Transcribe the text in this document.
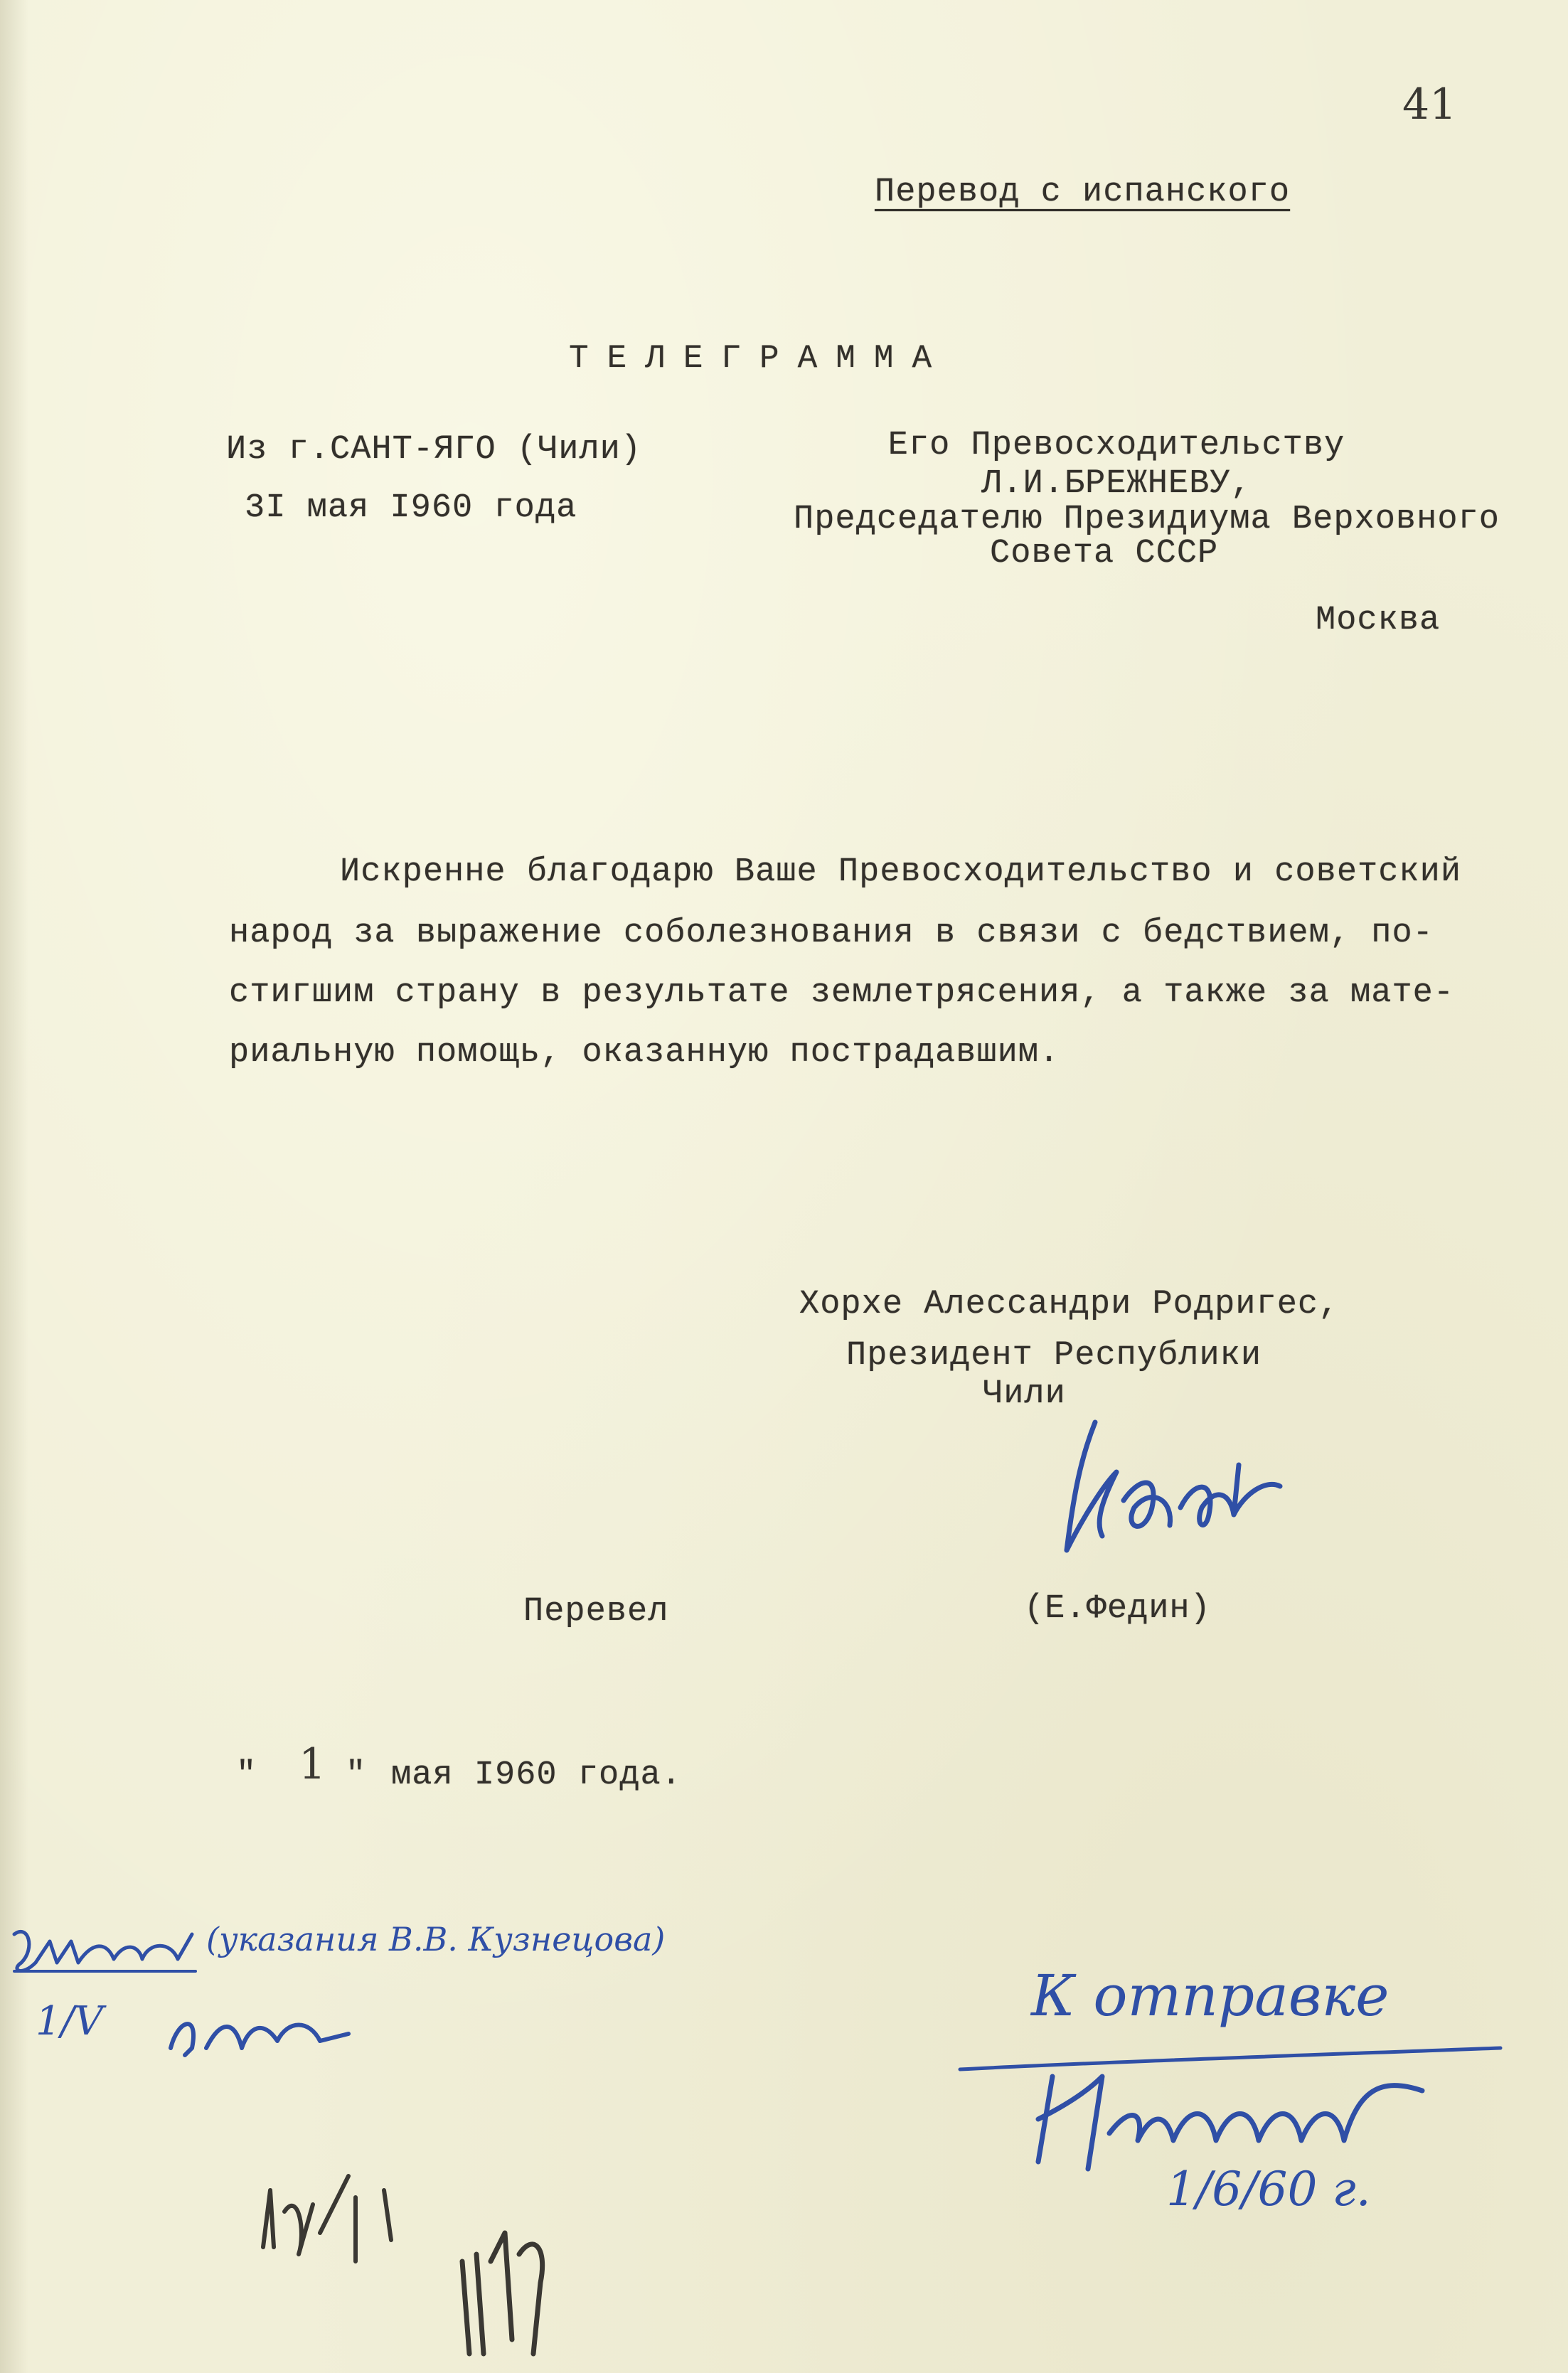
41
Перевод с испанского
ТЕЛЕГРАММА
Из г.САНТ-ЯГО (Чили)
3I мая I960 года
Его Превосходительству
Л.И.БРЕЖНЕВУ,
Председателю Президиума Верховного
Совета СССР
Москва
Искренне благодарю Ваше Превосходительство и советский
народ за выражение соболезнования в связи с бедствием, по-
стигшим страну в результате землетрясения, а также за мате-
риальную помощь, оказанную пострадавшим.
Хорхе Алессандри Родригес,
Президент Республики
Чили
Перевел	(Е.Федин)
" 1 " мая I960 года.
(указания В.В. Кузнецова)
1/V	К отправке
1/6/60 г.
